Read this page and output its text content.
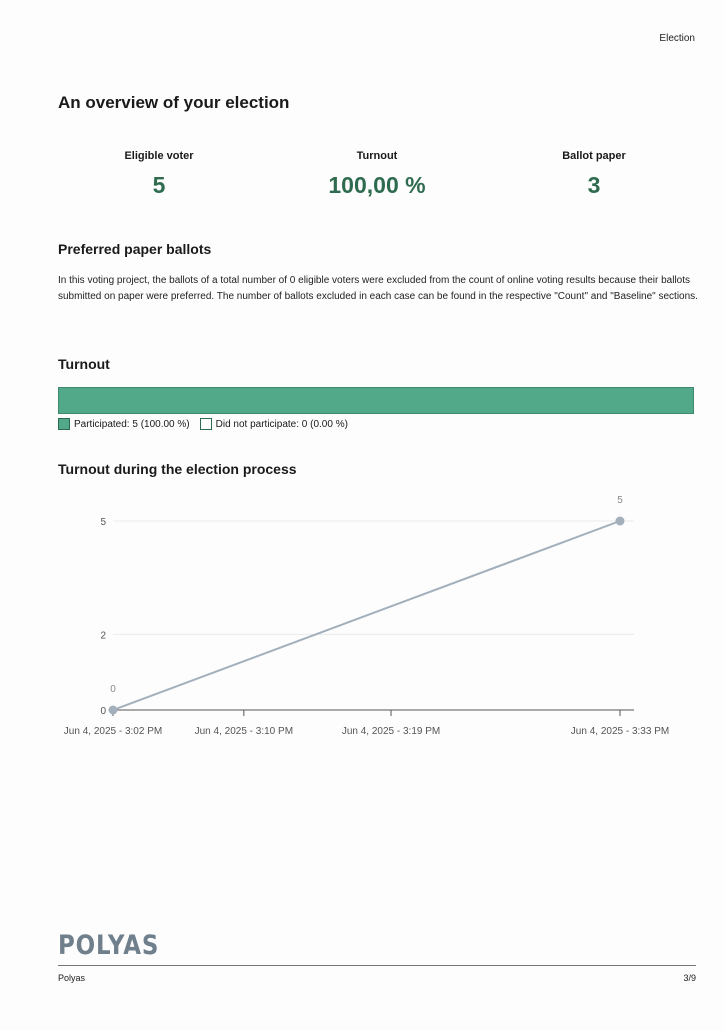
Election
An overview of your election
Eligible voter
5
Turnout
100,00 %
Ballot paper
3
Preferred paper ballots
In this voting project, the ballots of a total number of 0 eligible voters were excluded from the count of online voting results because their ballots submitted on paper were preferred. The number of ballots excluded in each case can be found in the respective "Count" and "Baseline" sections.
Turnout
Participated: 5 (100.00 %)	Did not participate: 0 (0.00 %)
Turnout during the election process
0
2
5
Jun 4, 2025 - 3:02 PM	Jun 4, 2025 - 3:10 PM	Jun 4, 2025 - 3:19 PM	Jun 4, 2025 - 3:33 PM
0
5
POLYAS
Polyas	3/9
